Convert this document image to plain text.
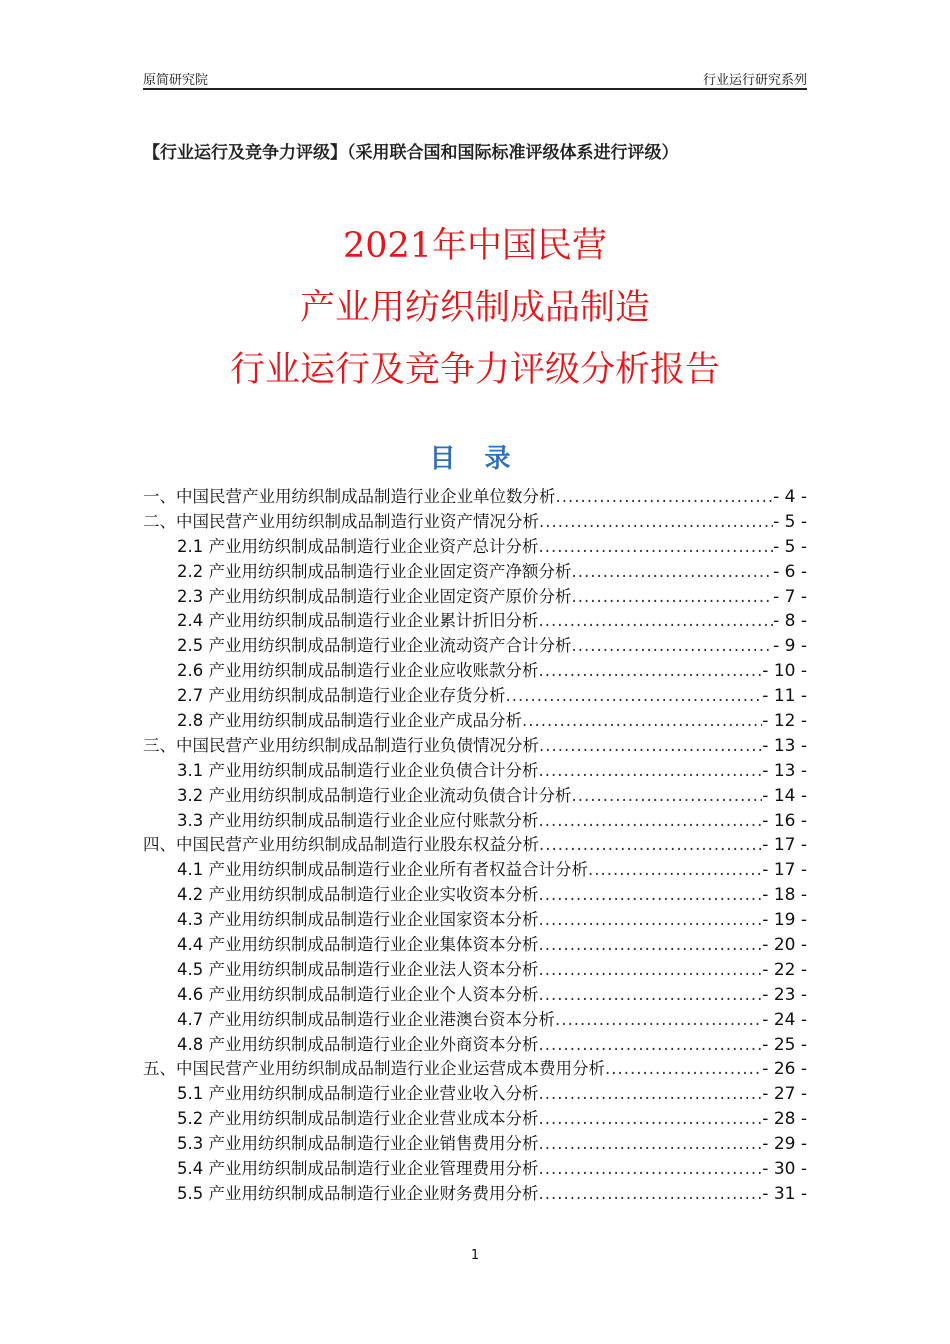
原简研究院	行业运行研究系列
【行业运行及竞争力评级】（采用联合国和国际标准评级体系进行评级）
2021年中国民营
产业用纺织制成品制造
行业运行及竞争力评级分析报告
目 录
一、中国民营产业用纺织制成品制造行业企业单位数分析 .....	- 4 -
二、中国民营产业用纺织制成品制造行业资产情况分析 .....	- 5 -
2.1 产业用纺织制成品制造行业企业资产总计分析 .....	- 5 -
2.2 产业用纺织制成品制造行业企业固定资产净额分析 .....	- 6 -
2.3 产业用纺织制成品制造行业企业固定资产原价分析 .....	- 7 -
2.4 产业用纺织制成品制造行业企业累计折旧分析 .....	- 8 -
2.5 产业用纺织制成品制造行业企业流动资产合计分析 .....	- 9 -
2.6 产业用纺织制成品制造行业企业应收账款分析 .....	- 10 -
2.7 产业用纺织制成品制造行业企业存货分析 .....	- 11 -
2.8 产业用纺织制成品制造行业企业产成品分析 .....	- 12 -
三、中国民营产业用纺织制成品制造行业负债情况分析 .....	- 13 -
3.1 产业用纺织制成品制造行业企业负债合计分析 .....	- 13 -
3.2 产业用纺织制成品制造行业企业流动负债合计分析 .....	- 14 -
3.3 产业用纺织制成品制造行业企业应付账款分析 .....	- 16 -
四、中国民营产业用纺织制成品制造行业股东权益分析 .....	- 17 -
4.1 产业用纺织制成品制造行业企业所有者权益合计分析 .....	- 17 -
4.2 产业用纺织制成品制造行业企业实收资本分析 .....	- 18 -
4.3 产业用纺织制成品制造行业企业国家资本分析 .....	- 19 -
4.4 产业用纺织制成品制造行业企业集体资本分析 .....	- 20 -
4.5 产业用纺织制成品制造行业企业法人资本分析 .....	- 22 -
4.6 产业用纺织制成品制造行业企业个人资本分析 .....	- 23 -
4.7 产业用纺织制成品制造行业企业港澳台资本分析 .....	- 24 -
4.8 产业用纺织制成品制造行业企业外商资本分析 .....	- 25 -
五、中国民营产业用纺织制成品制造行业企业运营成本费用分析 .....	- 26 -
5.1 产业用纺织制成品制造行业企业营业收入分析 .....	- 27 -
5.2 产业用纺织制成品制造行业企业营业成本分析 .....	- 28 -
5.3 产业用纺织制成品制造行业企业销售费用分析 .....	- 29 -
5.4 产业用纺织制成品制造行业企业管理费用分析 .....	- 30 -
5.5 产业用纺织制成品制造行业企业财务费用分析 .....	- 31 -
1
